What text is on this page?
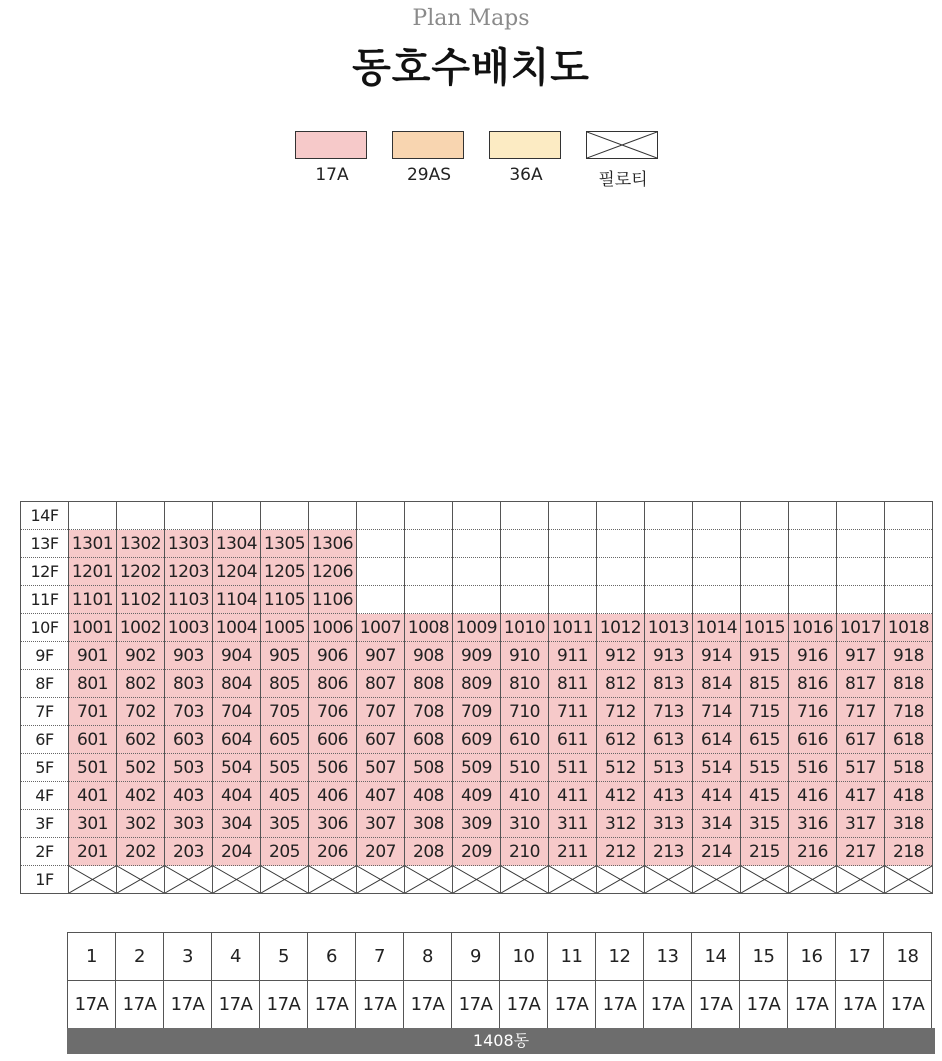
Plan Maps
동호수배치도
17A	29AS	36A	필로티
14F																		
13F	1301	1302	1303	1304	1305	1306												
12F	1201	1202	1203	1204	1205	1206												
11F	1101	1102	1103	1104	1105	1106												
10F	1001	1002	1003	1004	1005	1006	1007	1008	1009	1010	1011	1012	1013	1014	1015	1016	1017	1018
9F	901	902	903	904	905	906	907	908	909	910	911	912	913	914	915	916	917	918
8F	801	802	803	804	805	806	807	808	809	810	811	812	813	814	815	816	817	818
7F	701	702	703	704	705	706	707	708	709	710	711	712	713	714	715	716	717	718
6F	601	602	603	604	605	606	607	608	609	610	611	612	613	614	615	616	617	618
5F	501	502	503	504	505	506	507	508	509	510	511	512	513	514	515	516	517	518
4F	401	402	403	404	405	406	407	408	409	410	411	412	413	414	415	416	417	418
3F	301	302	303	304	305	306	307	308	309	310	311	312	313	314	315	316	317	318
2F	201	202	203	204	205	206	207	208	209	210	211	212	213	214	215	216	217	218
1F	

1	2	3	4	5	6	7	8	9	10	11	12	13	14	15	16	17	18
17A	17A	17A	17A	17A	17A	17A	17A	17A	17A	17A	17A	17A	17A	17A	17A	17A	17A
1408동
